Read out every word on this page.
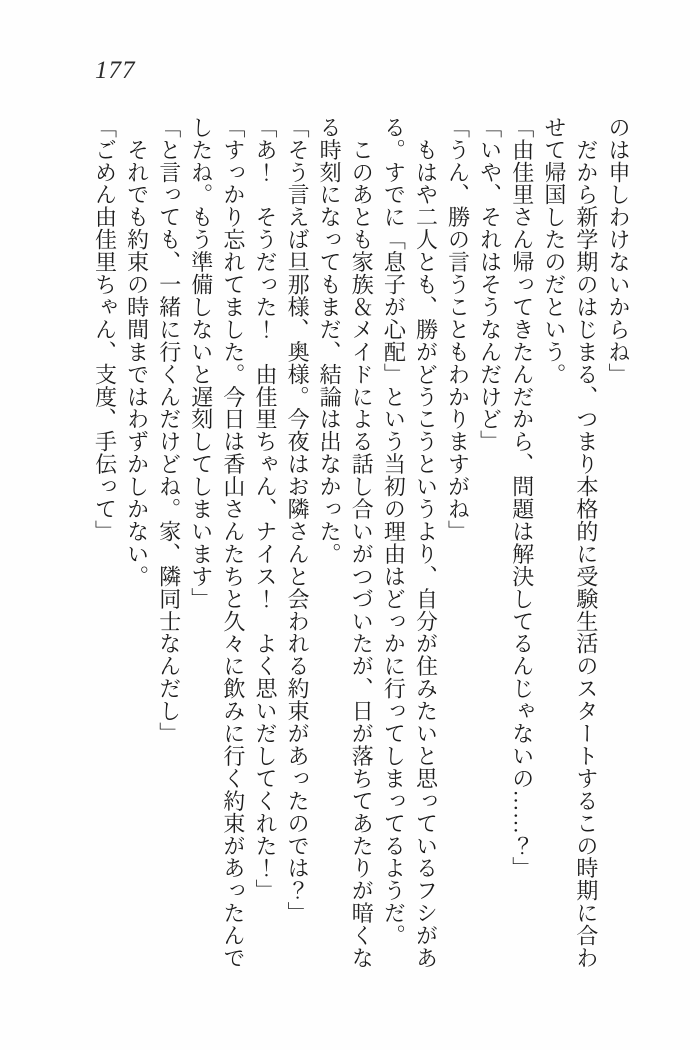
177
のは申しわけないからね」
　だから新学期のはじまる、つまり本格的に受験生活のスタートするこの時期に合わ
せて帰国したのだという。
「由佳里さん帰ってきたんだから、問題は解決してるんじゃないの……？」
「いや、それはそうなんだけど」
「うん、勝の言うこともわかりますがね」
　もはや二人とも、勝がどうこうというより、自分が住みたいと思っているフシがあ
る。すでに「息子が心配」という当初の理由はどっかに行ってしまってるようだ。
　このあとも家族＆メイドによる話し合いがつづいたが、日が落ちてあたりが暗くな
る時刻になってもまだ、結論は出なかった。
「そう言えば旦那様、奥様。今夜はお隣さんと会われる約束があったのでは？」
「あ！　そうだった！　由佳里ちゃん、ナイス！　よく思いだしてくれた！」
「すっかり忘れてました。今日は香山さんたちと久々に飲みに行く約束があったんで
したね。もう準備しないと遅刻してしまいます」
「と言っても、一緒に行くんだけどね。家、隣同士なんだし」
　それでも約束の時間まではわずかしかない。
「ごめん由佳里ちゃん、支度、手伝って」
